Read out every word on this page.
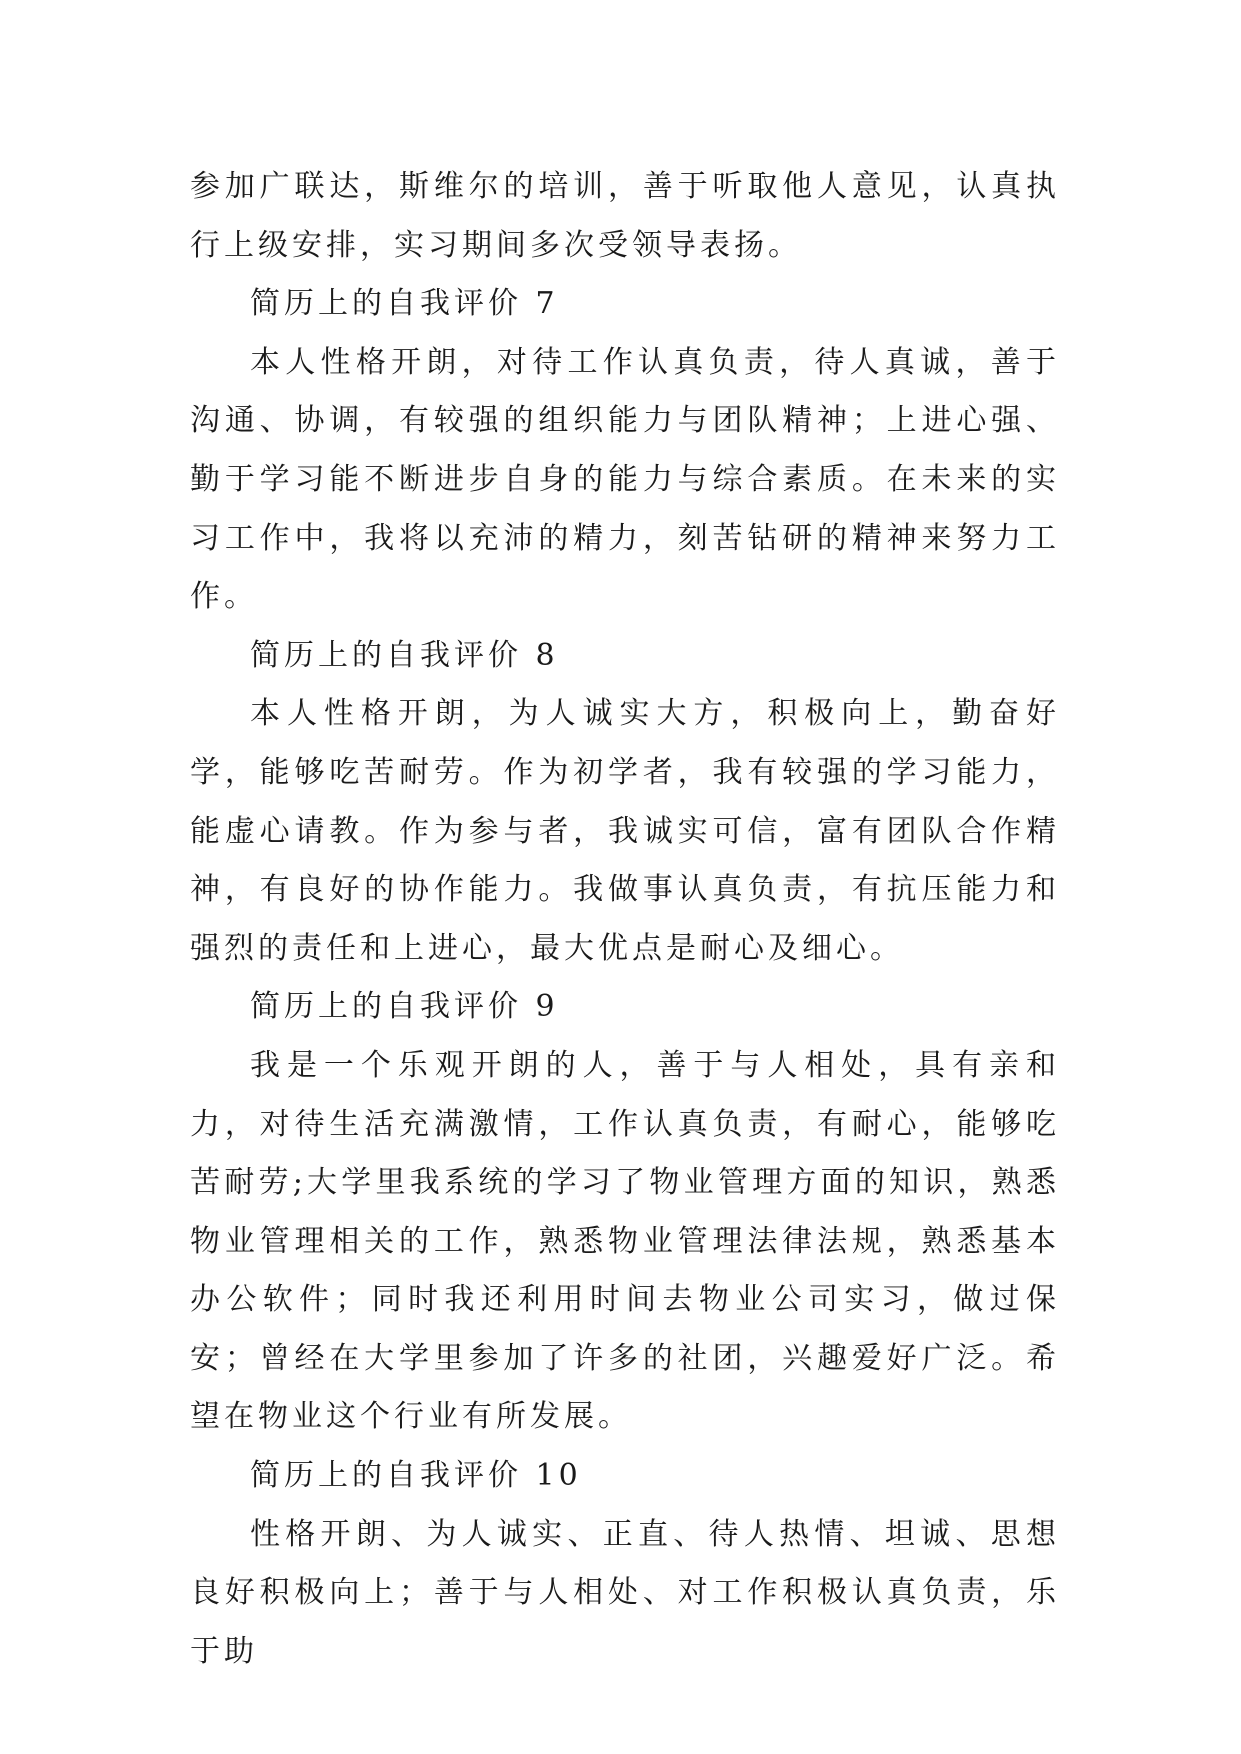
参加广联达，斯维尔的培训，善于听取他人意见，认真执行上级安排，实习期间多次受领导表扬。

简历上的自我评价 7

本人性格开朗，对待工作认真负责，待人真诚，善于沟通、协调，有较强的组织能力与团队精神；上进心强、勤于学习能不断进步自身的能力与综合素质。在未来的实习工作中，我将以充沛的精力，刻苦钻研的精神来努力工作。

简历上的自我评价 8

本人性格开朗，为人诚实大方，积极向上，勤奋好学，能够吃苦耐劳。作为初学者，我有较强的学习能力，能虚心请教。作为参与者，我诚实可信，富有团队合作精神，有良好的协作能力。我做事认真负责，有抗压能力和强烈的责任和上进心，最大优点是耐心及细心。

简历上的自我评价 9

我是一个乐观开朗的人，善于与人相处，具有亲和力，对待生活充满激情，工作认真负责，有耐心，能够吃苦耐劳;大学里我系统的学习了物业管理方面的知识，熟悉物业管理相关的工作，熟悉物业管理法律法规，熟悉基本办公软件；同时我还利用时间去物业公司实习，做过保安；曾经在大学里参加了许多的社团，兴趣爱好广泛。希望在物业这个行业有所发展。

简历上的自我评价 10

性格开朗、为人诚实、正直、待人热情、坦诚、思想良好积极向上；善于与人相处、对工作积极认真负责，乐于助
